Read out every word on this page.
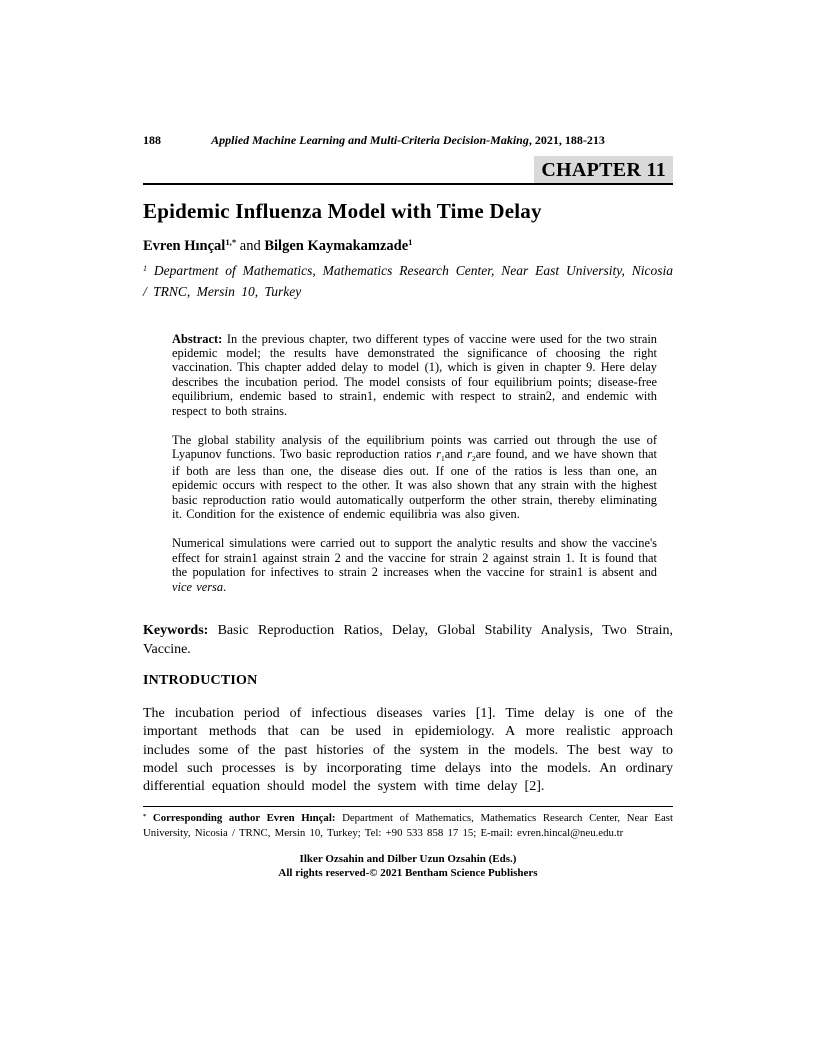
188	Applied Machine Learning and Multi-Criteria Decision-Making, 2021, 188-213
CHAPTER 11
Epidemic Influenza Model with Time Delay

Evren Hınçal$^{1,*}$ and Bilgen Kaymakamzade$^1$

$^1$ Department of Mathematics, Mathematics Research Center, Near East University, Nicosia / TRNC, Mersin 10, Turkey

Abstract: In the previous chapter, two different types of vaccine were used for the two strain epidemic model; the results have demonstrated the significance of choosing the right vaccination. This chapter added delay to model (1), which is given in chapter 9. Here delay describes the incubation period. The model consists of four equilibrium points; disease-free equilibrium, endemic based to strain1, endemic with respect to strain2, and endemic with respect to both strains.

The global stability analysis of the equilibrium points was carried out through the use of Lyapunov functions. Two basic reproduction ratios r1and r2are found, and we have shown that if both are less than one, the disease dies out. If one of the ratios is less than one, an epidemic occurs with respect to the other. It was also shown that any strain with the highest basic reproduction ratio would automatically outperform the other strain, thereby eliminating it. Condition for the existence of endemic equilibria was also given.

Numerical simulations were carried out to support the analytic results and show the vaccine's effect for strain1 against strain 2 and the vaccine for strain 2 against strain 1. It is found that the population for infectives to strain 2 increases when the vaccine for strain1 is absent and vice versa.

Keywords: Basic Reproduction Ratios, Delay, Global Stability Analysis, Two Strain, Vaccine.

INTRODUCTION

The incubation period of infectious diseases varies [1]. Time delay is one of the important methods that can be used in epidemiology. A more realistic approach includes some of the past histories of the system in the models. The best way to model such processes is by incorporating time delays into the models. An ordinary differential equation should model the system with time delay [2].

* Corresponding author Evren Hınçal: Department of Mathematics, Mathematics Research Center, Near East University, Nicosia / TRNC, Mersin 10, Turkey; Tel: +90 533 858 17 15; E-mail: evren.hincal@neu.edu.tr

Ilker Ozsahin and Dilber Uzun Ozsahin (Eds.)

All rights reserved-© 2021 Bentham Science Publishers
